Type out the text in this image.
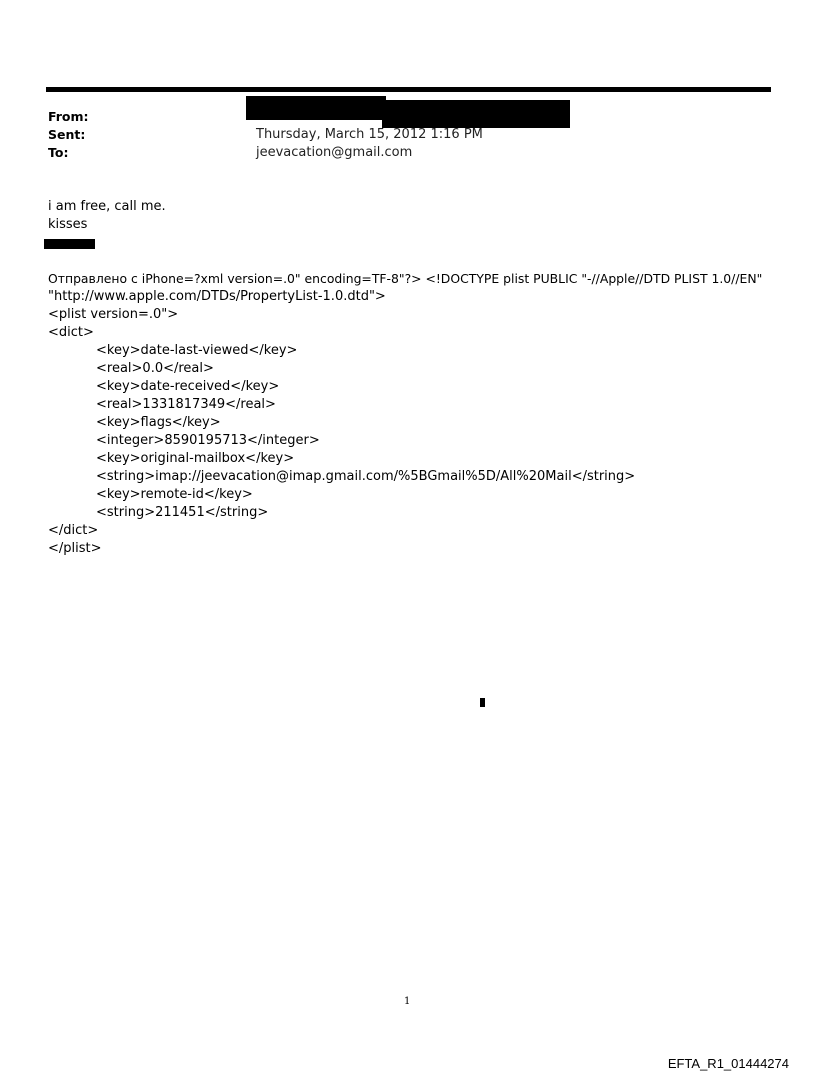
From:
Sent:
To:
Thursday, March 15, 2012 1:16 PM
jeevacation@gmail.com
i am free, call me.
kisses
Отправлено с iPhone=?xml version=.0" encoding=TF-8"?> <!DOCTYPE plist PUBLIC "-//Apple//DTD PLIST 1.0//EN"
"http://www.apple.com/DTDs/PropertyList-1.0.dtd">
<plist version=.0">
<dict>
<key>date-last-viewed</key>
<real>0.0</real>
<key>date-received</key>
<real>1331817349</real>
<key>flags</key>
<integer>8590195713</integer>
<key>original-mailbox</key>
<string>imap://jeevacation@imap.gmail.com/%5BGmail%5D/All%20Mail</string>
<key>remote-id</key>
<string>211451</string>
</dict>
</plist>
1
EFTA_R1_01444274
